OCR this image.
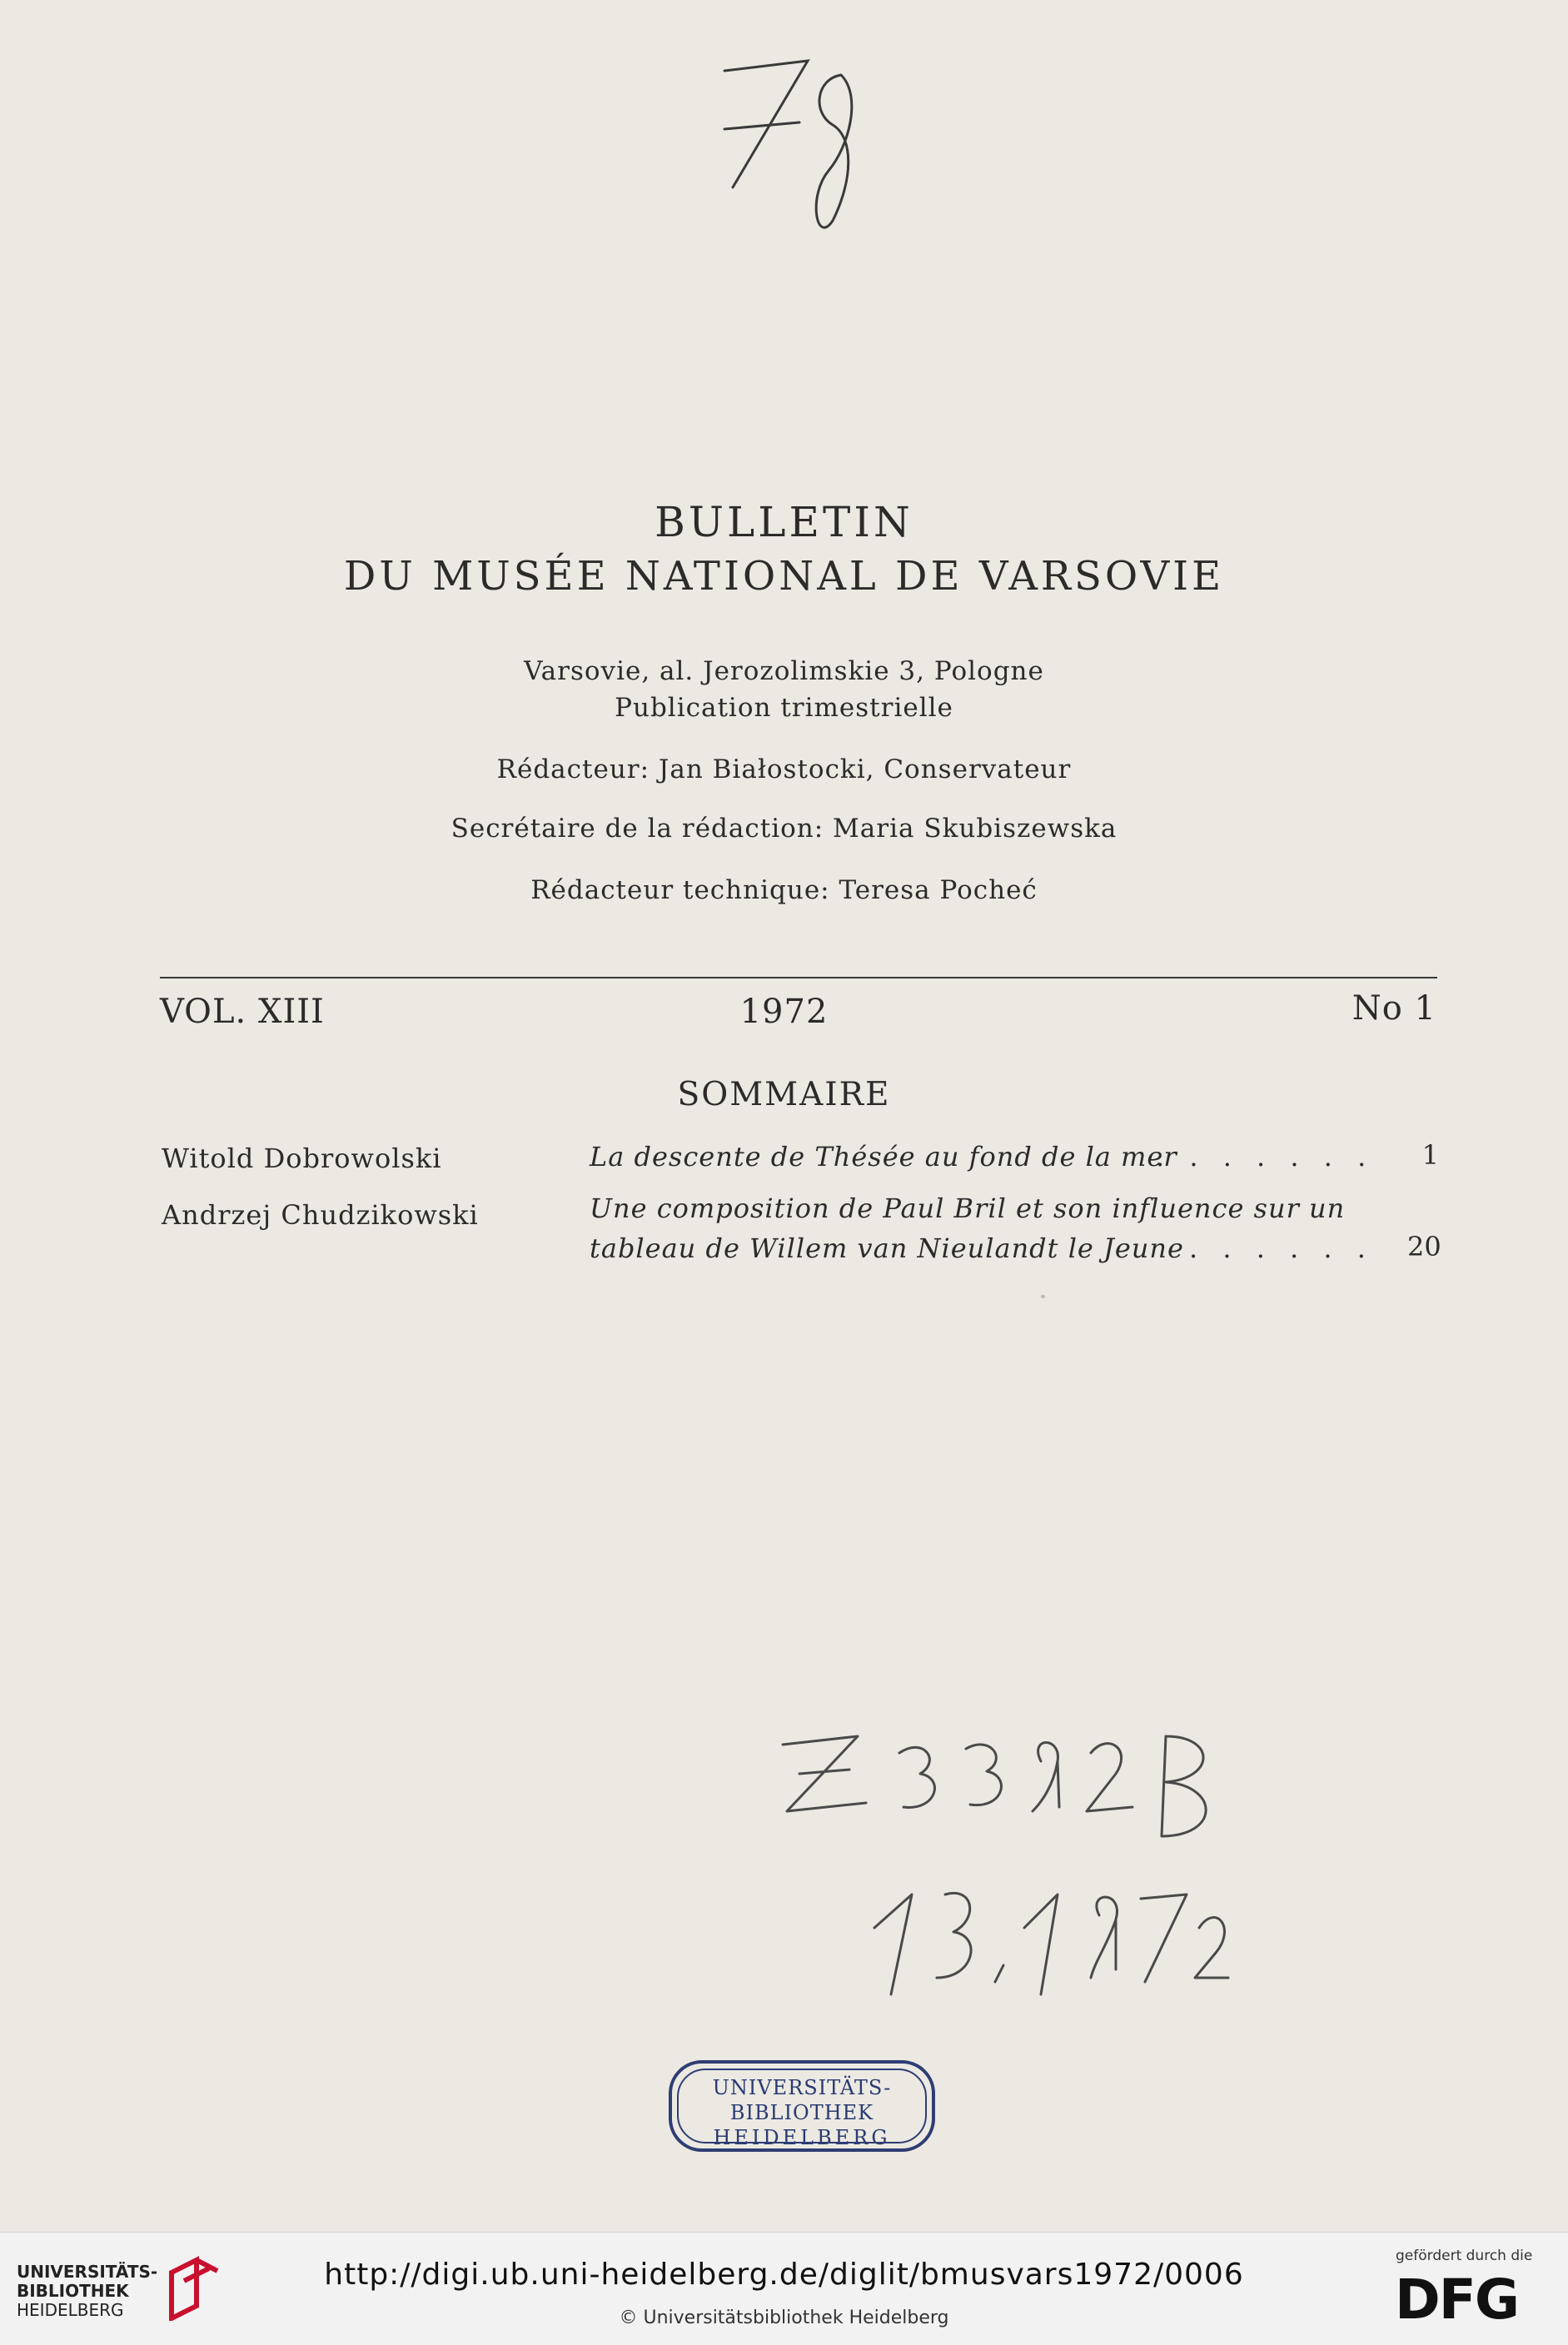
BULLETIN
DU MUSÉE NATIONAL DE VARSOVIE
Varsovie, al. Jerozolimskie 3, Pologne
Publication trimestrielle
Rédacteur: Jan Białostocki, Conservateur
Secrétaire de la rédaction: Maria Skubiszewska
Rédacteur technique: Teresa Pocheć
VOL. XIII	1972	No 1
SOMMAIRE
Witold Dobrowolski	La descente de Thésée au fond de la mer
. . . . . . . 1
Andrzej Chudzikowski	Une composition de Paul Bril et son influence sur un
tableau de Willem van Nieulandt le Jeune . . . . . . 20
UNIVERSITÄTS-
BIBLIOTHEK
HEIDELBERG
UNIVERSITÄTS-
BIBLIOTHEK
HEIDELBERG
http://digi.ub.uni-heidelberg.de/diglit/bmusvars1972/0006
© Universitätsbibliothek Heidelberg
gefördert durch die
DFG
